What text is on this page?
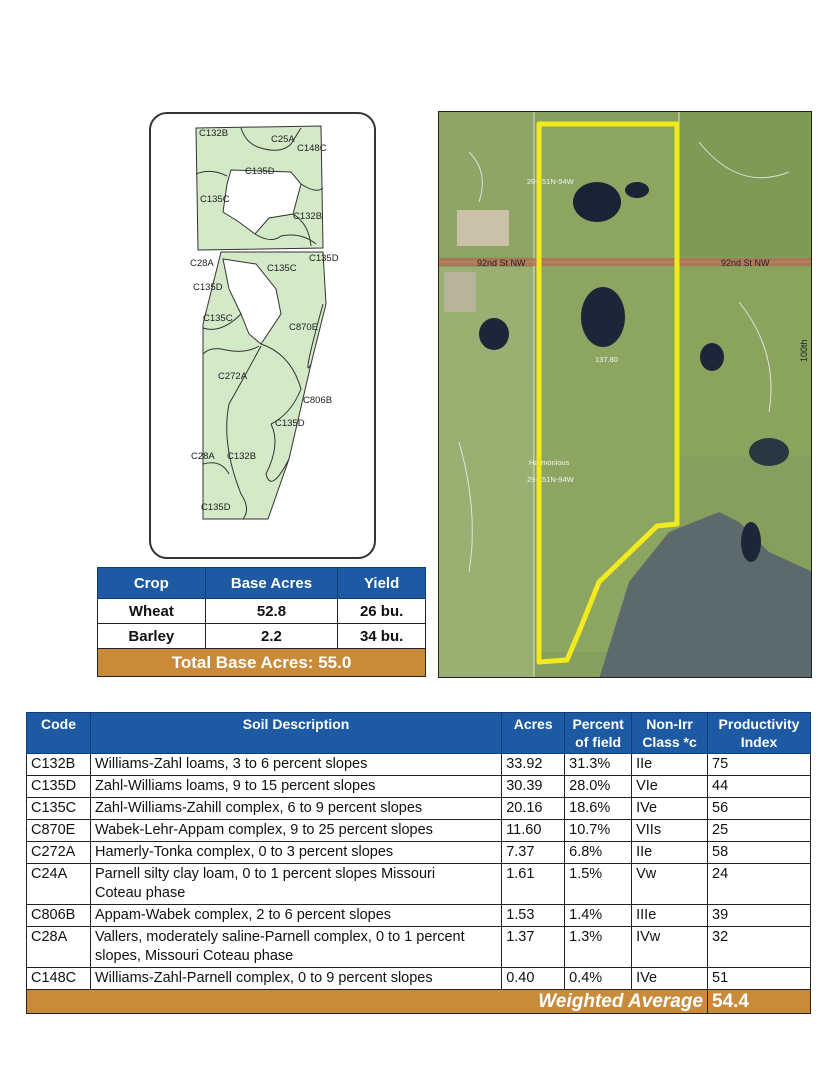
C132B
C25A
C148C
C135D
C135C
C132B
C28A	C135C
C135D
C135D
C135C
C870E
C272A
C806B
C135D
C28A C132B
C135D
92nd St NW	92nd St NW
100th
20-151N-94W
Harmonious
29-151N-94W
137.80
Crop	Base Acres	Yield
Wheat	52.8	26 bu.
Barley	2.2	34 bu.
Total Base Acres: 55.0		
Code	Soil Description	Acres	Percent of field	Non-Irr Class *c	Productivity Index
C132B	Williams-Zahl loams, 3 to 6 percent slopes	33.92	31.3%	IIe	75
C135D	Zahl-Williams loams, 9 to 15 percent slopes	30.39	28.0%	VIe	44
C135C	Zahl-Williams-Zahill complex, 6 to 9 percent slopes	20.16	18.6%	IVe	56
C870E	Wabek-Lehr-Appam complex, 9 to 25 percent slopes	11.60	10.7%	VIIs	25
C272A	Hamerly-Tonka complex, 0 to 3 percent slopes	7.37	6.8%	IIe	58
C24A	Parnell silty clay loam, 0 to 1 percent slopes Missouri Coteau phase	1.61	1.5%	Vw	24
C806B	Appam-Wabek complex, 2 to 6 percent slopes	1.53	1.4%	IIIe	39
C28A	Vallers, moderately saline-Parnell complex, 0 to 1 percent slopes, Missouri Coteau phase	1.37	1.3%	IVw	32
C148C	Williams-Zahl-Parnell complex, 0 to 9 percent slopes	0.40	0.4%	IVe	51
Weighted Average					54.4
